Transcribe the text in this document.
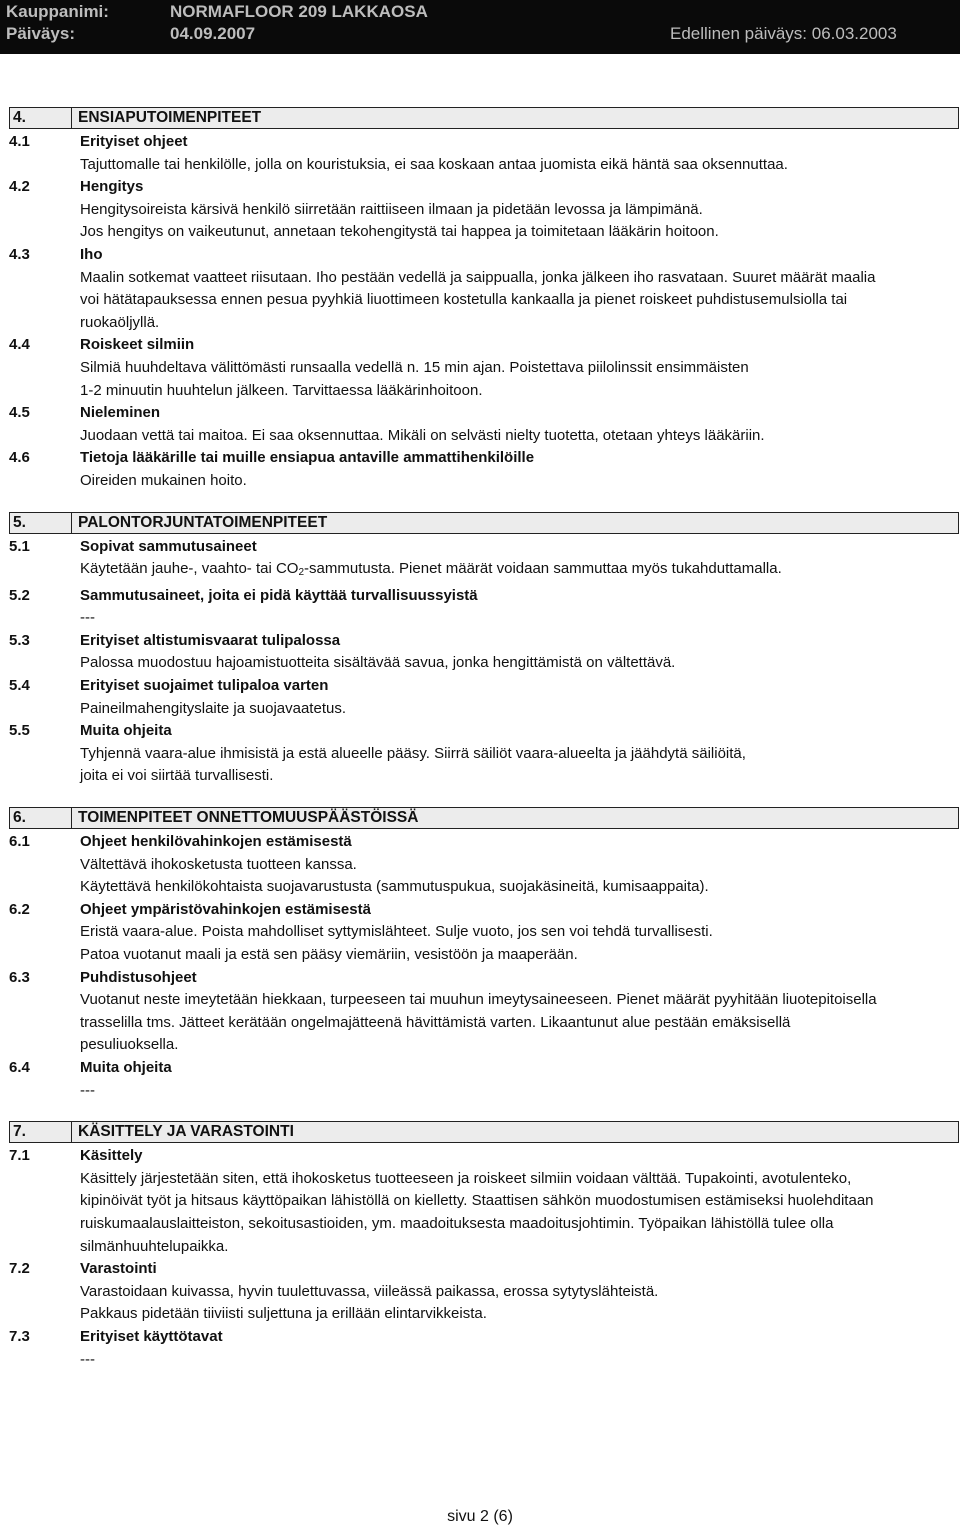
Kauppanimi:	NORMAFLOOR 209 LAKKAOSA
Päiväys:	04.09.2007	Edellinen päiväys: 06.03.2003
4.	ENSIAPUTOIMENPITEET
4.1	Erityiset ohjeet
Tajuttomalle tai henkilölle, jolla on kouristuksia, ei saa koskaan antaa juomista eikä häntä saa oksennuttaa.
4.2	Hengitys
Hengitysoireista kärsivä henkilö siirretään raittiiseen ilmaan ja pidetään levossa ja lämpimänä.
Jos hengitys on vaikeutunut, annetaan tekohengitystä tai happea ja toimitetaan lääkärin hoitoon.
4.3	Iho
Maalin sotkemat vaatteet riisutaan. Iho pestään vedellä ja saippualla, jonka jälkeen iho rasvataan. Suuret määrät maalia
voi hätätapauksessa ennen pesua pyyhkiä liuottimeen kostetulla kankaalla ja pienet roiskeet puhdistusemulsiolla tai
ruokaöljyllä.
4.4	Roiskeet silmiin
Silmiä huuhdeltava välittömästi runsaalla vedellä n. 15 min ajan. Poistettava piilolinssit ensimmäisten
1-2 minuutin huuhtelun jälkeen. Tarvittaessa lääkärinhoitoon.
4.5	Nieleminen
Juodaan vettä tai maitoa. Ei saa oksennuttaa. Mikäli on selvästi nielty tuotetta, otetaan yhteys lääkäriin.
4.6	Tietoja lääkärille tai muille ensiapua antaville ammattihenkilöille
Oireiden mukainen hoito.
5.	PALONTORJUNTATOIMENPITEET
5.1	Sopivat sammutusaineet
Käytetään jauhe-, vaahto- tai $CO_2$-sammutusta. Pienet määrät voidaan sammuttaa myös tukahduttamalla.
5.2	Sammutusaineet, joita ei pidä käyttää turvallisuussyistä
---
5.3	Erityiset altistumisvaarat tulipalossa
Palossa muodostuu hajoamistuotteita sisältävää savua, jonka hengittämistä on vältettävä.
5.4	Erityiset suojaimet tulipaloa varten
Paineilmahengityslaite ja suojavaatetus.
5.5	Muita ohjeita
Tyhjennä vaara-alue ihmisistä ja estä alueelle pääsy. Siirrä säiliöt vaara-alueelta ja jäähdytä säiliöitä,
joita ei voi siirtää turvallisesti.
6.	TOIMENPITEET ONNETTOMUUSPÄÄSTÖISSÄ
6.1	Ohjeet henkilövahinkojen estämisestä
Vältettävä ihokosketusta tuotteen kanssa.
Käytettävä henkilökohtaista suojavarustusta (sammutuspukua, suojakäsineitä, kumisaappaita).
6.2	Ohjeet ympäristövahinkojen estämisestä
Eristä vaara-alue. Poista mahdolliset syttymislähteet. Sulje vuoto, jos sen voi tehdä turvallisesti.
Patoa vuotanut maali ja estä sen pääsy viemäriin, vesistöön ja maaperään.
6.3	Puhdistusohjeet
Vuotanut neste imeytetään hiekkaan, turpeeseen tai muuhun imeytysaineeseen. Pienet määrät pyyhitään liuotepitoisella
trasselilla tms. Jätteet kerätään ongelmajätteenä hävittämistä varten. Likaantunut alue pestään emäksisellä
pesuliuoksella.
6.4	Muita ohjeita
---
7.	KÄSITTELY JA VARASTOINTI
7.1	Käsittely
Käsittely järjestetään siten, että ihokosketus tuotteeseen ja roiskeet silmiin voidaan välttää. Tupakointi, avotulenteko,
kipinöivät työt ja hitsaus käyttöpaikan lähistöllä on kielletty. Staattisen sähkön muodostumisen estämiseksi huolehditaan
ruiskumaalauslaitteiston, sekoitusastioiden, ym. maadoituksesta maadoitusjohtimin. Työpaikan lähistöllä tulee olla
silmänhuuhtelupaikka.
7.2	Varastointi
Varastoidaan kuivassa, hyvin tuulettuvassa, viileässä paikassa, erossa sytytyslähteistä.
Pakkaus pidetään tiiviisti suljettuna ja erillään elintarvikkeista.
7.3	Erityiset käyttötavat
---
sivu 2 (6)
